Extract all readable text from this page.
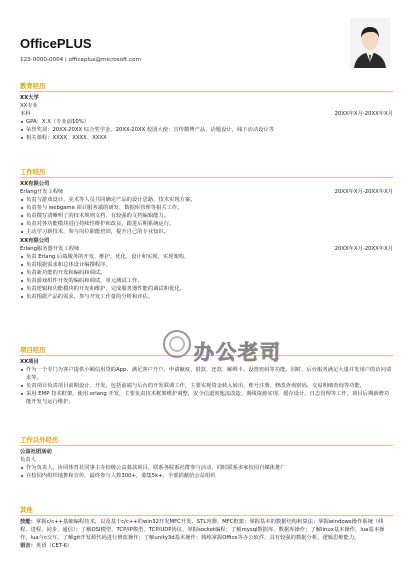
OfficePLUS
123-0000-0004 | officeplus@microsoft.com
教育经历
XX大学
XX专业
本科	20XX年X月-20XX年X月
GPA：X.X（专业前10%）
荣誉奖项：20XX-20XX 综合奖学金、20XX-20XX 校园大使：宣传微博产品、话题设计，线下活动设计等
相关课程：XXXX、XXXX、XXXX
工作经历
XX有限公司
Erlang开发工程师	20XX年X月-20XX年X月
负责与游戏设计、美术等人员共同确定产品的设计思路、技术实现方案。
负责参与 webgame 项目服务端的研发、数据库管理等相关工作。
负责撰写清晰明了的技术规则文档、有较强的文档编辑能力。
负责对各功能模块进行持续性维护和改良，跟进后期系统运行。
主动学习新技术，参与岗位职能培训，提升自己的专业知识。
XX有限公司
Erlang服务器开发工程师	20XX年X月-20XX年X月
负责 Erlang 后端服务的开发、维护、优化，设计和实现、实现架构、
负责根据需求和总体设计编撰程序。
负责新功能的开发和编码和调试。
负责游戏组件开发的编码和调试，单元测试工作。
负责逻辑和功能模块的开发和维护，完成服务器性能的调试和优化。
负责根据产品的需求，参与开发工作量的分析和评估。
项目经历
XX项目
作为一个专门为客户提供小额信用贷的App，满足客户开户、申请额度、借款、还款、解绑卡、设置密码等功能。同时，后台服务满足大量并发用户的访问请求等。
负责项目负责项目前期设计、开发，包括前端与后台的开发联调工作，主要实现资金转入转出、账号注册、修改查询密码、交易明细查询等功能。
采用 EMP 技术框架，使用 erlang 开发，主要负责技术框架维护调整，安全信道密匙流改造、离线资源实现，缓存设计，日志管理等工作，项目后期新增功能开发与运行维护。
工作以外经历
公益社团活动
负责人
作为负责人，协同体育社同事主办校级公益募款项目，联系各院系社群参与活动，同时联系多家校园自媒体推广
在校园内组织地推和宣传，最终参与人数300+，募集5k+，全部捐献给公益组织
其他
技能：掌握c/c++基础编程技术，以及基于c/c++的win32开发MFC开发、STL容器、MFC框架；掌握基本的数据结构和算法；掌握windows操作系统（线程、进程、同步、通信）；了解OSI模型、TCP/IP模型、TCP/UDP协议，掌握socket编程；了解mysql数据库，数据库操作；了解linux基本操作，lua基本操作，lua与c交互，了解git开发源代码进行修改操作；了解unity3d基本操作；熟练掌握Office等办公软件，具有较强的数据分析、逻辑思维能力。
语言：英语（CET-6）
办公老司
